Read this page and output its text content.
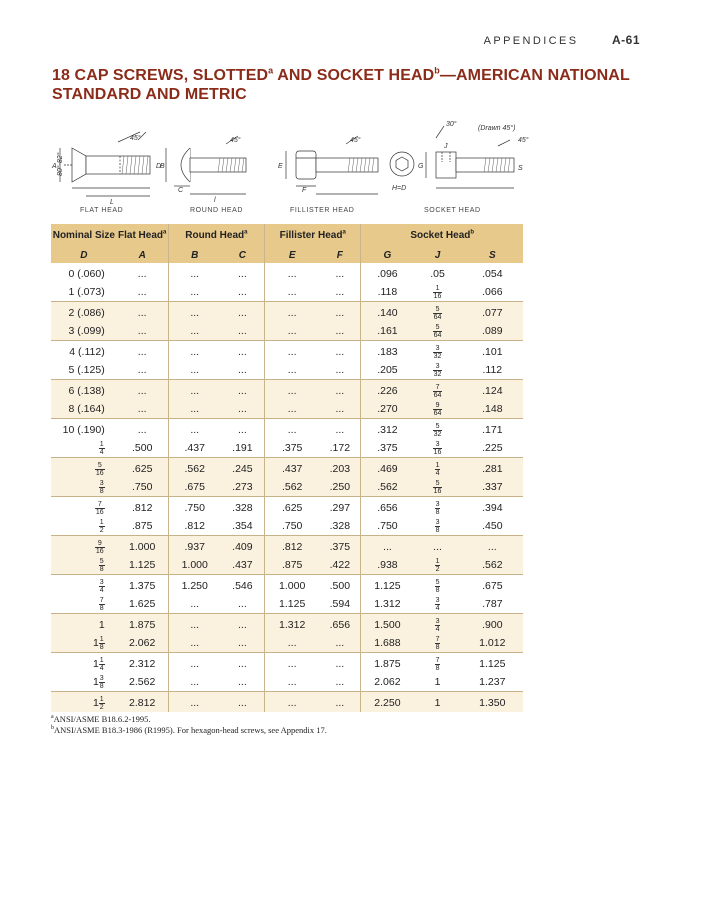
APPENDICES	A-61
18 CAP SCREWS, SLOTTED$^a$ AND SOCKET HEAD$^b$—AMERICAN NATIONAL STANDARD AND METRIC
80°-82°
45°	45°	45°
30°
(Drawn 45°)
45°
A	B
C
D	E
F
G
H=D
J
L
S
l
FLAT HEAD	ROUND HEAD	FILLISTER HEAD	SOCKET HEAD
Nominal Size	Flat Head$^a$	Round Head$^a$		Fillister Head$^a$		Socket Head$^b$
D	A	B	C	E	F	G	J	S
0 (.060)	...	...	...	...	...	.096	.05	.054
1 (.073)	...	...	...	...	...	.118	$\frac{1}{16}$	.066
2 (.086)	...	...	...	...	...	.140	$\frac{5}{64}$	.077
3 (.099)	...	...	...	...	...	.161	$\frac{5}{64}$	.089
4 (.112)	...	...	...	...	...	.183	$\frac{3}{32}$	.101
5 (.125)	...	...	...	...	...	.205	$\frac{3}{32}$	.112
6 (.138)	...	...	...	...	...	.226	$\frac{7}{64}$	.124
8 (.164)	...	...	...	...	...	.270	$\frac{9}{64}$	.148
10 (.190)	...	...	...	...	...	.312	$\frac{5}{32}$	.171

$\frac{1}{4}$	.500	.437	.191	.375	.172	.375	$\frac{3}{16}$	.225

$\frac{5}{16}$	.625	.562	.245	.437	.203	.469	$\frac{1}{4}$	.281

$\frac{3}{8}$	.750	.675	.273	.562	.250	.562	$\frac{5}{16}$	.337

$\frac{7}{16}$	.812	.750	.328	.625	.297	.656	$\frac{3}{8}$	.394

$\frac{1}{2}$	.875	.812	.354	.750	.328	.750	$\frac{3}{8}$	.450

$\frac{9}{16}$	1.000	.937	.409	.812	.375	...	...	...

$\frac{5}{8}$	1.125	1.000	.437	.875	.422	.938	$\frac{1}{2}$	.562

$\frac{3}{4}$	1.375	1.250	.546	1.000	.500	1.125	$\frac{5}{8}$	.675

$\frac{7}{8}$	1.625	...	...	1.125	.594	1.312	$\frac{3}{4}$	.787
1	1.875	...	...	1.312	.656	1.500	$\frac{3}{4}$	.900
$1 \frac{1}{8}$	2.062	...	...	...	...	1.688	$\frac{7}{8}$	1.012
$1 \frac{1}{4}$	2.312	...	...	...	...	1.875	$\frac{7}{8}$	1.125
$1 \frac{3}{8}$	2.562	...	...	...	...	2.062	1	1.237
$1 \frac{1}{2}$	2.812	...	...	...	...	2.250	1	1.350
$^a$ANSI/ASME B18.6.2-1995.
$^b$ANSI/ASME B18.3-1986 (R1995). For hexagon-head screws, see Appendix 17.
